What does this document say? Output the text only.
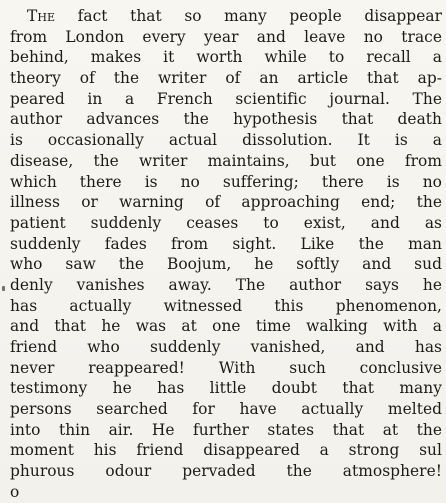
The fact that so many people disappear
from London every year and leave no trace
behind, makes it worth while to recall a
theory of the writer of an article that ap-
peared in a French scientific journal. The
author advances the hypothesis that death
is occasionally actual dissolution. It is a
disease, the writer maintains, but one from
which there is no suffering; there is no
illness or warning of approaching end; the
patient suddenly ceases to exist, and as
suddenly fades from sight. Like the man
who saw the Boojum, he softly and sud
denly vanishes away. The author says he
has actually witnessed this phenomenon,
and that he was at one time walking with a
friend who suddenly vanished, and has
never reappeared! With such conclusive
testimony he has little doubt that many
persons searched for have actually melted
into thin air. He further states that at the
moment his friend disappeared a strong sul
phurous odour pervaded the atmosphere!
o
